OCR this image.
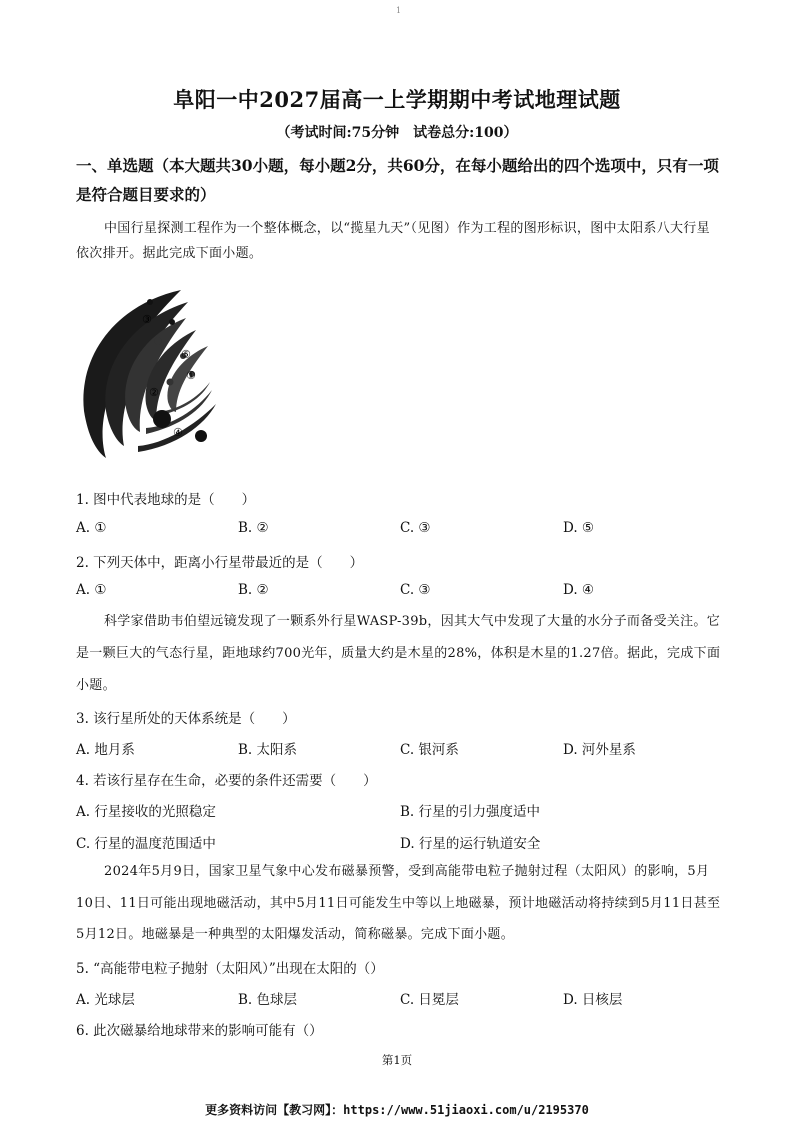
1
阜阳一中2027届高一上学期期中考试地理试题
（考试时间:75分钟　试卷总分:100）
一、单选题（本大题共30小题，每小题2分，共60分，在每小题给出的四个选项中，只有一项是符合题目要求的）
中国行星探测工程作为一个整体概念，以“揽星九天”（见图）作为工程的图形标识，图中太阳系八大行星依次排开。据此完成下面小题。
③
⑤
①
②
④
1. 图中代表地球的是（　　）
A. ①	B. ②	C. ③	D. ⑤
2. 下列天体中，距离小行星带最近的是（　　）
A. ①	B. ②	C. ③	D. ④
科学家借助韦伯望远镜发现了一颗系外行星WASP-39b，因其大气中发现了大量的水分子而备受关注。它是一颗巨大的气态行星，距地球约700光年，质量大约是木星的28%，体积是木星的1.27倍。据此，完成下面小题。
3. 该行星所处的天体系统是（　　）
A. 地月系	B. 太阳系	C. 银河系	D. 河外星系
4. 若该行星存在生命，必要的条件还需要（　　）
A. 行星接收的光照稳定	B. 行星的引力强度适中
C. 行星的温度范围适中	D. 行星的运行轨道安全
2024年5月9日，国家卫星气象中心发布磁暴预警，受到高能带电粒子抛射过程（太阳风）的影响，5月10日、11日可能出现地磁活动，其中5月11日可能发生中等以上地磁暴，预计地磁活动将持续到5月11日甚至5月12日。地磁暴是一种典型的太阳爆发活动，简称磁暴。完成下面小题。
5. “高能带电粒子抛射（太阳风）”出现在太阳的（）
A. 光球层	B. 色球层	C. 日冕层	D. 日核层
6. 此次磁暴给地球带来的影响可能有（）
第1页
更多资料访问【教习网】：https://www.51jiaoxi.com/u/2195370
